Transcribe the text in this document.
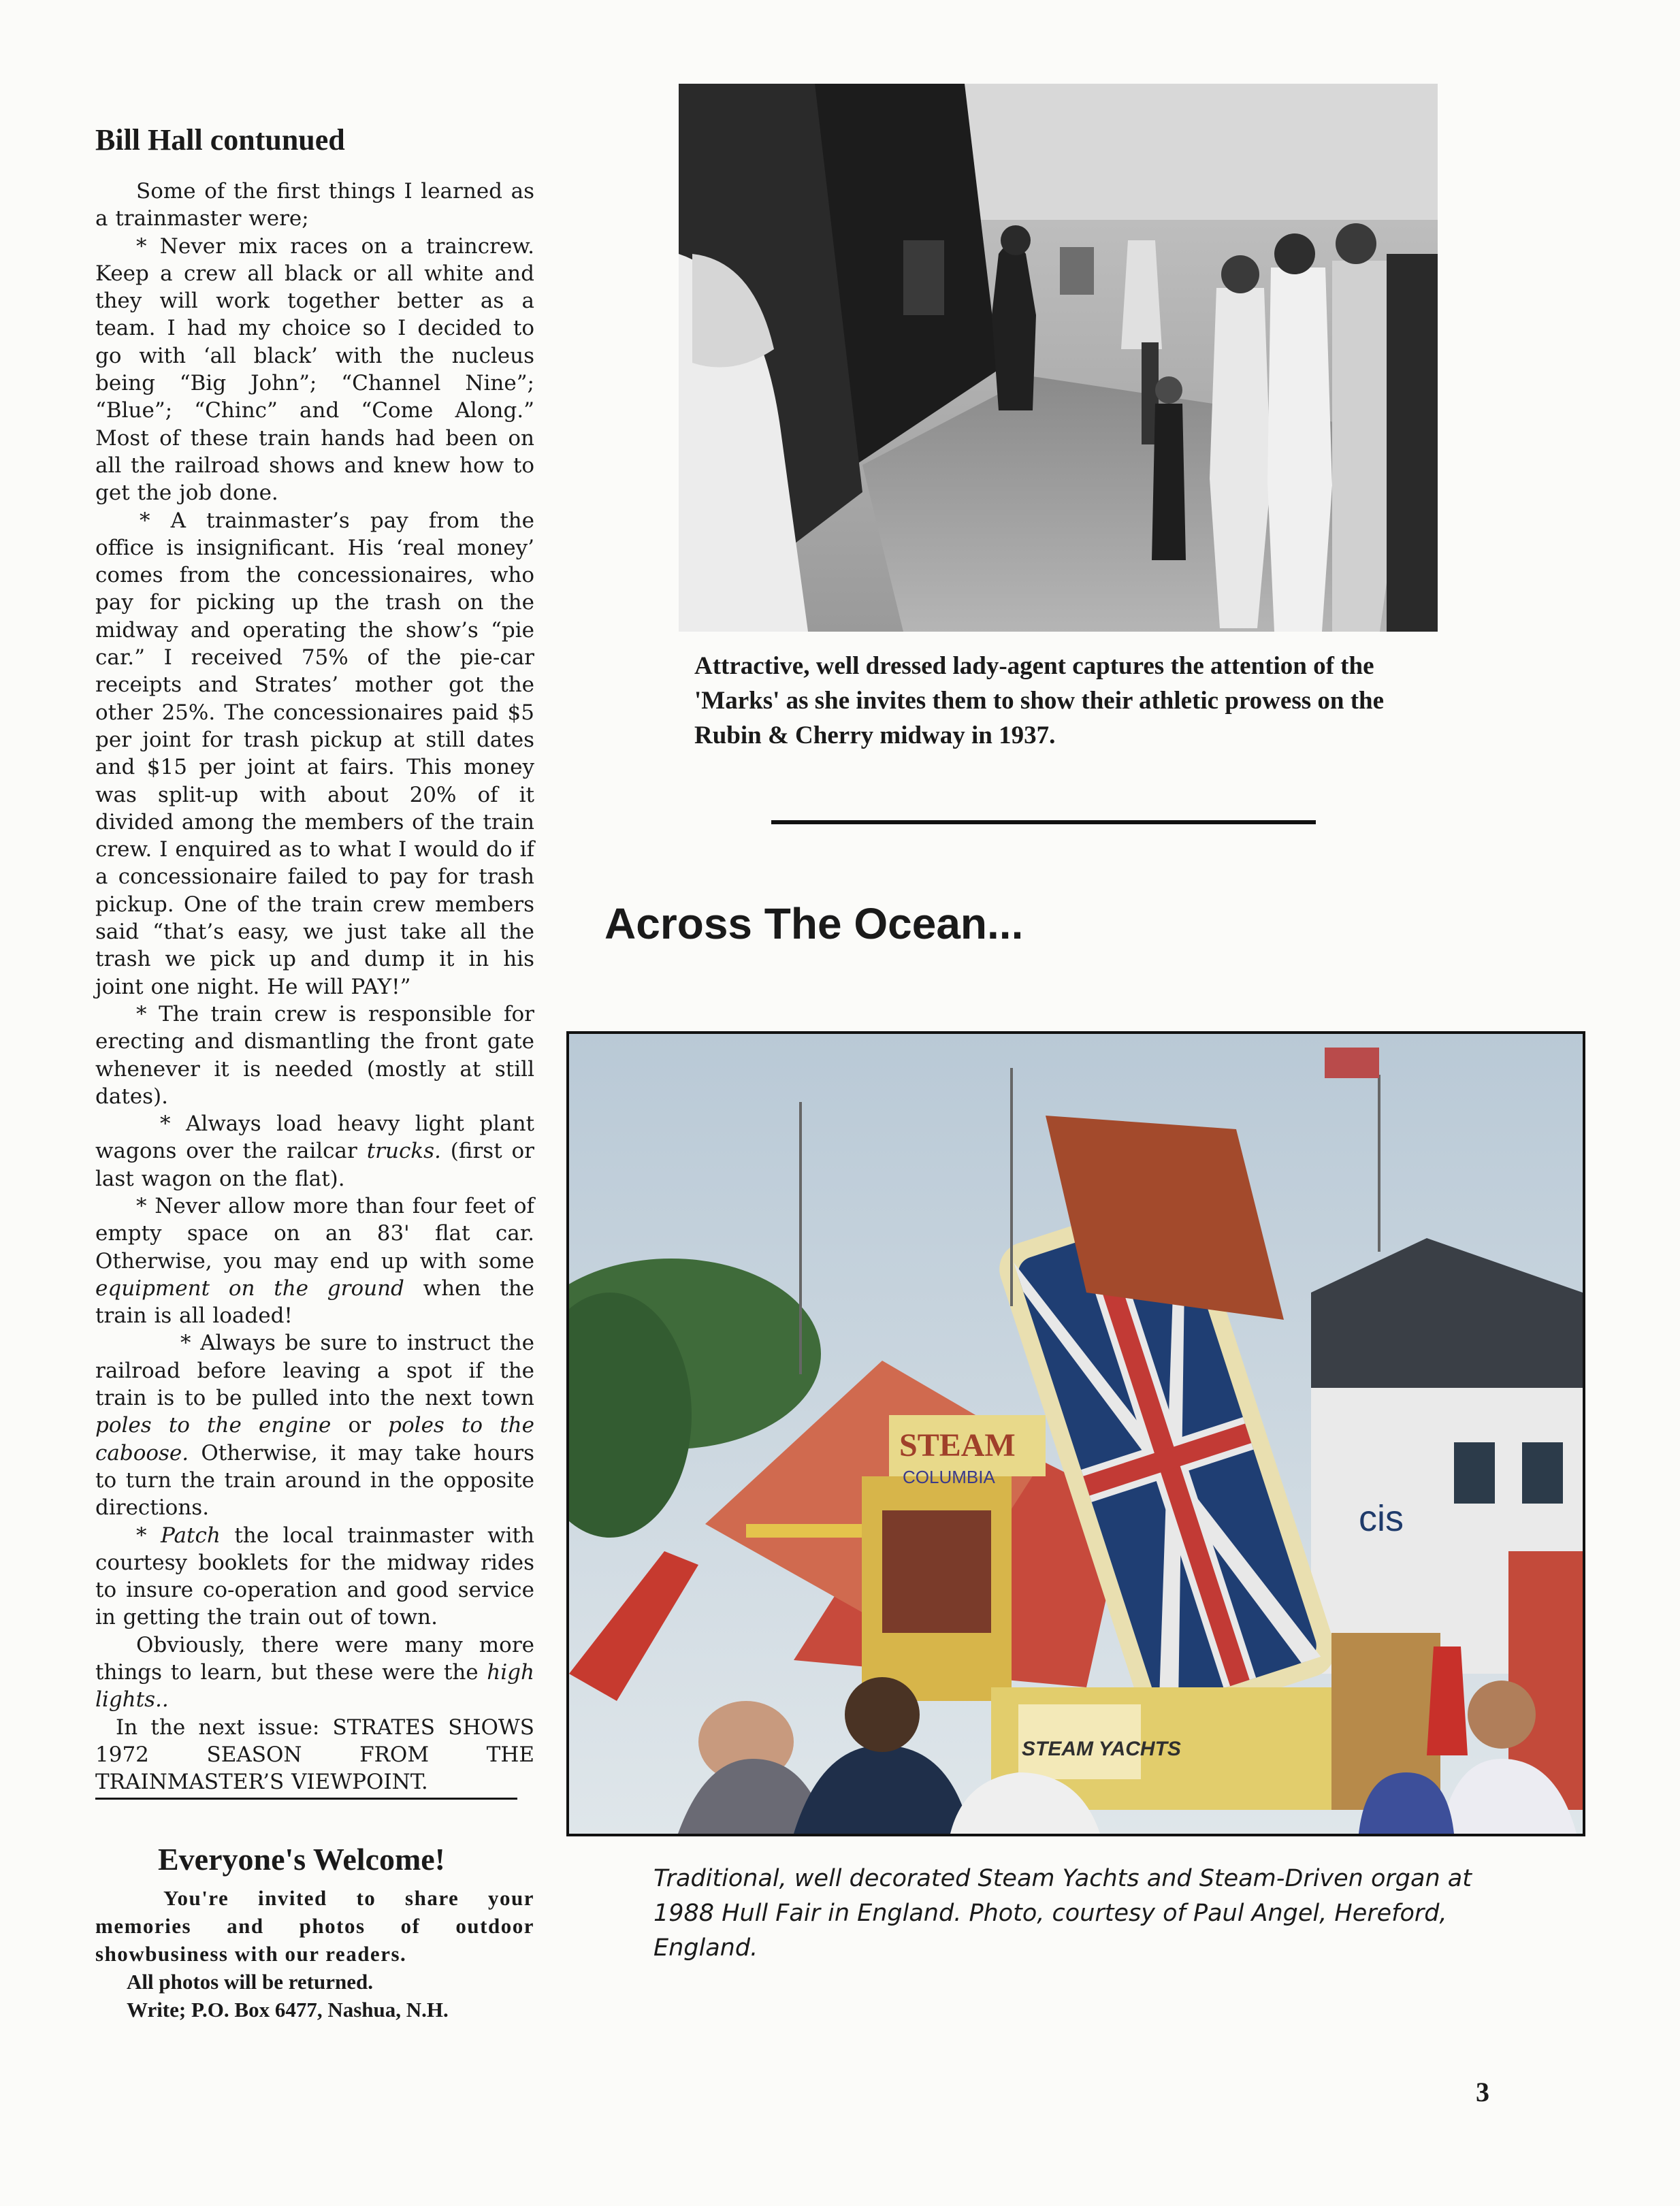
Bill Hall contunued

Some of the first things I learned as a trainmaster were;

* Never mix races on a traincrew. Keep a crew all black or all white and they will work together better as a team. I had my choice so I decided to go with ‘all black’ with the nucleus being “Big John”; “Channel Nine”; “Blue”; “Chinc” and “Come Along.” Most of these train hands had been on all the railroad shows and knew how to get the job done.

* A trainmaster’s pay from the office is insignificant. His ‘real money’ comes from the concessionaires, who pay for picking up the trash on the midway and operating the show’s “pie car.” I received 75% of the pie-car receipts and Strates’ mother got the other 25%. The concessionaires paid $5 per joint for trash pickup at still dates and $15 per joint at fairs. This money was split-up with about 20% of it divided among the members of the train crew. I enquired as to what I would do if a concessionaire failed to pay for trash pickup. One of the train crew members said “that’s easy, we just take all the trash we pick up and dump it in his joint one night. He will PAY!”

* The train crew is responsible for erecting and dismantling the front gate whenever it is needed (mostly at still dates).

* Always load heavy light plant wagons over the railcar trucks. (first or last wagon on the flat).

* Never allow more than four feet of empty space on an 83' flat car. Otherwise, you may end up with some equipment on the ground when the train is all loaded!

* Always be sure to instruct the railroad before leaving a spot if the train is to be pulled into the next town poles to the engine or poles to the caboose. Otherwise, it may take hours to turn the train around in the opposite directions.

* Patch the local trainmaster with courtesy booklets for the midway rides to insure co-operation and good service in getting the train out of town.

Obviously, there were many more things to learn, but these were the high lights..

In the next issue: STRATES SHOWS 1972 SEASON FROM THE TRAINMASTER’S VIEWPOINT.

Everyone's Welcome!

You're invited to share your memories and photos of outdoor showbusiness with our readers.

All photos will be returned.

Write; P.O. Box 6477, Nashua, N.H.

Attractive, well dressed lady-agent captures the attention of the 'Marks' as she invites them to show their athletic prowess on the Rubin & Cherry midway in 1937.

Across The Ocean...
cis
STEAM
COLUMBIA
STEAM YACHTS

Traditional, well decorated Steam Yachts and Steam-Driven organ at 1988 Hull Fair in England. Photo, courtesy of Paul Angel, Hereford, England.

3
